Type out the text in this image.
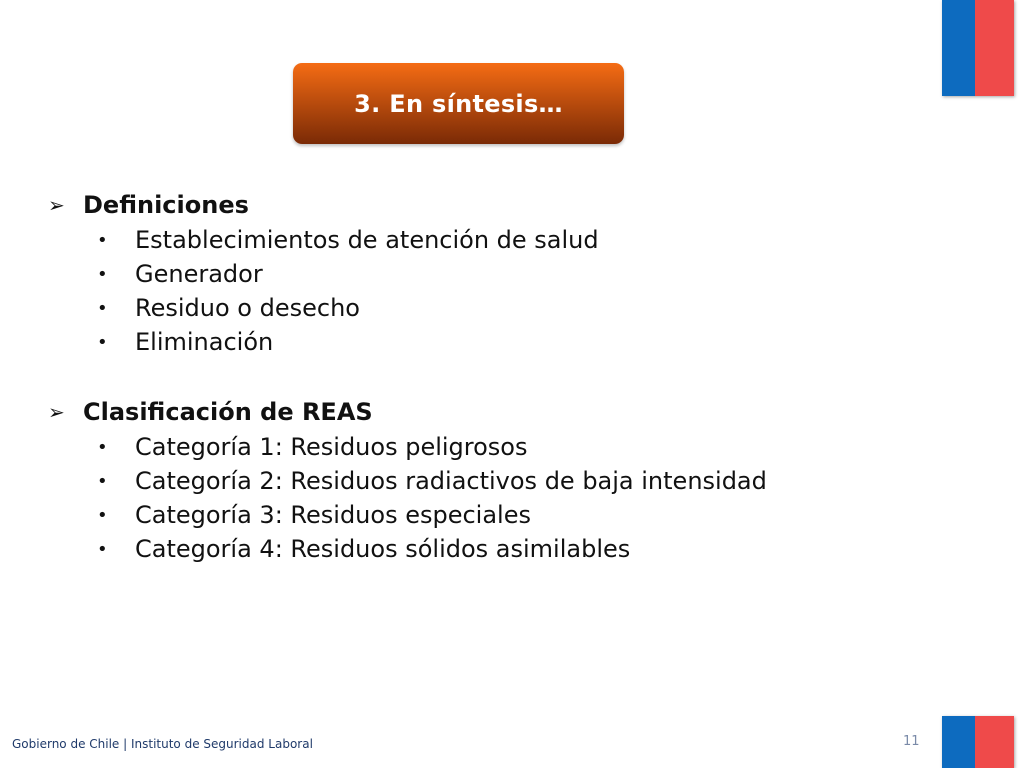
3. En síntesis…
➢ Definiciones
•	Establecimientos de atención de salud
•	Generador
•	Residuo o desecho
•	Eliminación
➢ Clasificación de REAS
•	Categoría 1: Residuos peligrosos
•	Categoría 2: Residuos radiactivos de baja intensidad
•	Categoría 3: Residuos especiales
•	Categoría 4: Residuos sólidos asimilables
Gobierno de Chile | Instituto de Seguridad Laboral	11
